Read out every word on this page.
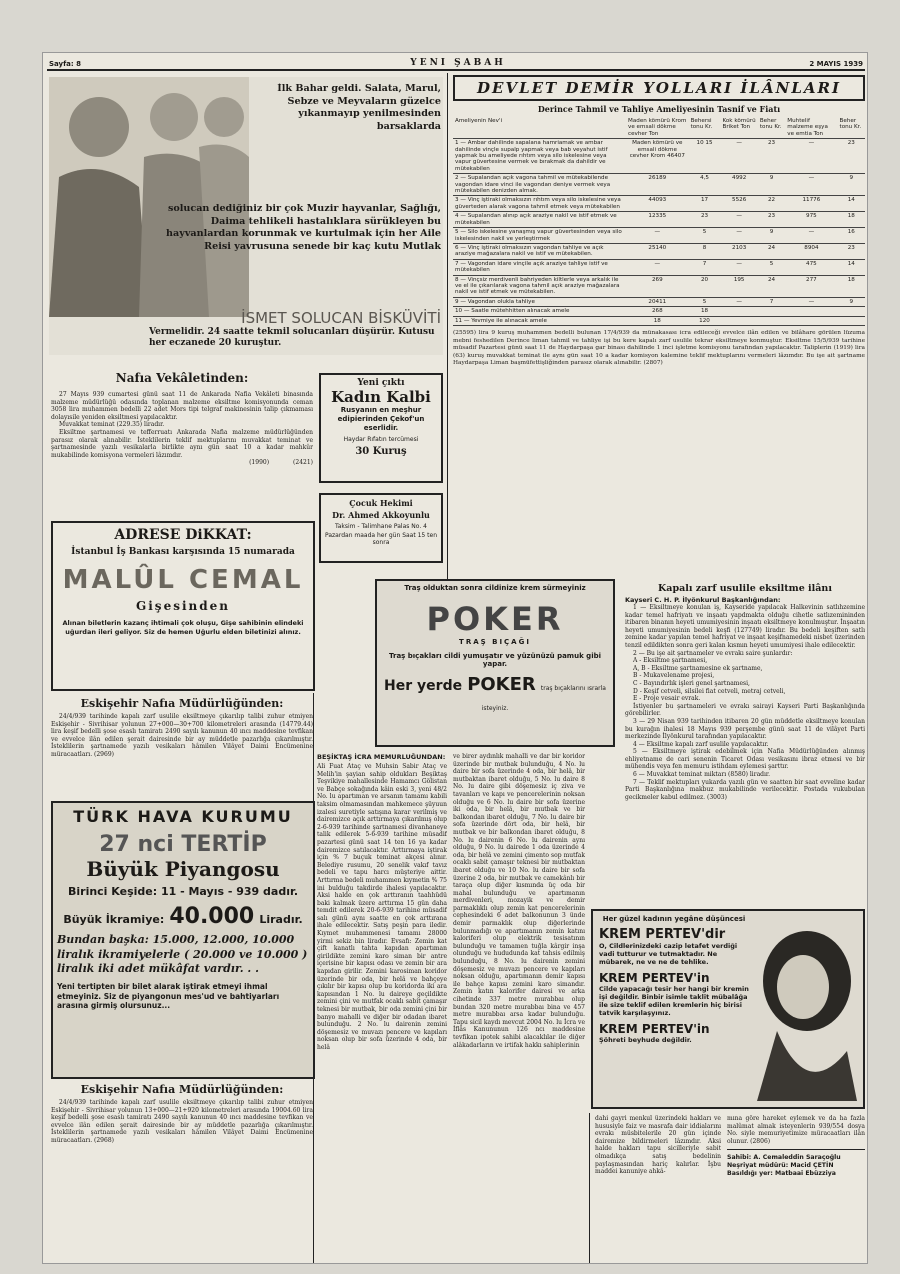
Sayfa: 8	YENİ ŞABAH	2 MAYIS 1939
İlk Bahar geldi. Salata, Marul, Sebze ve Meyvaların güzelce yıkanmayıp yenilmesinden barsaklarda
solucan dediğiniz bir çok Muzir hayvanlar, Sağlığı, Daima tehlikeli hastalıklara sürükleyen bu hayvanlardan korunmak ve kurtulmak için her Aile Reisi yavrusuna senede bir kaç kutu Mutlak
İSMET SOLUCAN BİSKÜVİTİ
Vermelidir. 24 saatte tekmil solucanları düşürür. Kutusu her eczanede 20 kuruştur.
Nafıa Vekâletinden:
27 Mayıs 939 cumartesi günü saat 11 de Ankarada Nafia Vekâleti binasında malzeme müdürlüğü odasında toplanan malzeme eksiltme komisyonunda ceman 3058 lira muhammen bedelli 22 adet Mors tipi telgraf makinesinin talip çıkmaması dolayısile yeniden eksiltmesi yapılacaktır.
Muvakkat teminat (229.35) liradır.
Eksiltme şartnamesi ve tefferruatı Ankarada Nafia malzeme müdürlüğünden parasız olarak alınabilir. İsteklilerin teklif mektuplarını muvakkat teminat ve şartnamesinde yazılı vesikalarla birlikte aynı gün saat 10 a kadar mahkûr mukabilinde komisyona vermeleri lâzımdır.
(1990)	(2421)
Yeni çıktı
Kadın Kalbi
Rusyanın en meşhur edipierinden Çekof'un eserlidir.
Haydar Rıfatın tercümesi
30 Kuruş
Çocuk Hekimi
Dr. Ahmed Akkoyunlu
Taksim - Talimhane Palas No. 4
Pazardan maada her gün Saat 15 ten sonra
ADRESE DiKKAT:
İstanbul İş Bankası karşısında 15 numarada
MALÛL CEMAL
Gişesinden
Alınan biletlerin kazanç ihtimali çok oluşu, Gişe sahibinin elindeki uğurdan ileri geliyor. Siz de hemen Uğurlu elden biletinizi alınız.
Eskişehir Nafıa Müdürlüğünden:
24/4/939 tarihinde kapalı zarf usulile eksiltmeye çıkarılıp talibi zuhur etmiyen Eskişehir - Sivrihisar yolunun 27+000—30+700 kilometreleri arasında (14779.44) lira keşif bedelli şose esaslı tamiratı 2490 sayılı kanunun 40 ıncı maddesine tevfikan ve evvelce ilân edilen şerait dairesinde bir ay müddetle pazarlığa çıkarılmıştır. İsteklilerin şartnamede yazılı vesikaları hâmilen Vilâyet Daimi Encümenine müracaatları. (2969)
TÜRK HAVA KURUMU
27 nci TERTİP
Büyük Piyangosu
Birinci Keşide: 11 - Mayıs - 939 dadır.
Büyük İkramiye: 40.000 Liradır.
Bundan başka: 15.000, 12.000, 10.000
liralık ikramiyelerle ( 20.000 ve 10.000 ) liralık iki adet mükâfat vardır. . .
Yeni tertipten bir bilet alarak iştirak etmeyi ihmal etmeyiniz. Siz de piyangonun mes'ud ve bahtiyarları arasına girmiş olursunuz...
Eskişehir Nafıa Müdürlüğünden:
24/4/939 tarihinde kapalı zarf usulile eksiltmeye çıkarılıp talibi zuhur etmiyen Eskişehir - Sivrihisar yolunun 13+000—21+920 kilometreleri arasında 19004.60 lira keşif bedelli şose esaslı tamiratı 2490 sayılı kanunun 40 ıncı maddesine tevfikan ve evvelce ilân edilen şerait dairesinde bir ay müddetle pazarlığa çıkarılmıştır. İsteklilerin şartnamede yazılı vesikaları hâmilen Vilâyet Daimi Encümenine müracaatları. (2968)
DEVLET DEMİR YOLLARI İLÂNLARI
Derince Tahmil ve Tahliye Ameliyesinin Tasnif ve Fiatı
Ameliyenin Nev'i	Maden kömürü Krom ve emsali dökme cevher Ton	Behersi tonu Kr.	Kok kömürü Briket Ton	Beher tonu Kr.	Muhtelif malzeme eşya ve emtia Ton	Beher tonu Kr.
1 — Ambar dahilinde sapalana hamriamak ve ambar dahilinde vinçle supalp yapmak veya bab veyahut istif yapmak bu ameliyede rıhtım veya silo iskelesine veya vapur güvertesine vermek ve bırakmak da dahildir ve mütekabilen	Maden kömürü ve emsali dökme cevher Krom 46407	10 15	—	23	—	23
2 — Supalandan açık vagona tahmil ve mütekabilende vagondan idare vinci ile vagondan deniye vermek veya mütekabilen denizden almak.	26189	4,5	4992	9	—	9
3 — Vinç iştiraki olmaksızın rıhtım veya silo iskelesine veya güverteden alarak vagona tahmil etmek veya mütekabilen	44093	17	5526	22	11776	14
4 — Supalandan alınıp açık araziye nakil ve istif etmek ve mütekabilen	12335	23	—	23	975	18
5 — Silo iskelesine yanaşmış vapur güvertesinden veya silo iskelesinden nakil ve yerleştirmek	—	5	—	9	—	16
6 — Vinç iştiraki olmaksızın vagondan tahliye ve açık araziye mağazalara nakil ve istif ve mütekabilen.	25140	8	2103	24	8904	23
7 — Vagondan idare vinçile açık araziye tahliye istif ve mütekabilen	—	7	—	5	475	14
8 — Vinçsiz merdivenli bahriyeden kiltlerle veya arkalık ile ve el ile çıkarılarak vagona tahmil açık araziye mağazalara nakil ve istif etmek ve mütekabilen.	269	20	195	24	277	18
9 — Vagondan olukla tahliye	20411	5	—	7	—	9
10 — Saatle mütehhitten alınacak amele	268	18				
11 — Yevmiye ile alınacak amele	18	120				
(25595) lira 9 kuruş muhammen bedelli bulunan 17/4/939 da münakasası icra edileceği evvelce ilân edilen ve bilâhare görülen lüzuma mebni feshedilen Derince liman tahmil ve tahliye işi bu kere kapalı zarf usulile tekrar eksiltmeye konmuştur. Eksiltme 15/5/939 tarihine müsadif Pazartesi günü saat 11 de Haydarpaşa gar binası dahilinde 1 inci işletme komisyonu tarafından yapılacaktır. Taliplerin (1919) lira (63) kuruş muvakkat teminat ile aynı gün saat 10 a kadar komisyon kalemine teklif mektuplarını vermeleri lâzımdır. Bu işe ait şartname Haydarpaşa Liman başmüfettişliğinden parasız olarak alınabilir. (2807)
Traş olduktan sonra cildinize krem sürmeyiniz
POKER
TRAŞ BIÇAĞI
Traş bıçakları cildi yumuşatır ve yüzünüzü pamuk gibi yapar.
Her yerde POKER traş bıçaklarını ısrarla isteyiniz.
BEŞİKTAŞ İCRA MEMURLUĞUNDAN:
Ali Fuat Ataç ve Muhsin Sabir Ataç ve Melih'in şayian sahip oldukları Beşiktaş Teşvikiye mahallesinde Hamamcı Gölistan ve Babçe sokağında kâin eski 3, yeni 48/2 No. lu apartıman ve arsanın tamamı kabili taksim olmamasından mahkemece şüyuun izalesi suretiyle satışına karar verilmiş ve dairemizce açık arttırmaya çıkarılmış olup 2-6-939 tarihinde şartnamesi divanhaneye talik edilerek 5-6-939 tarihine müsadif pazartesi günü saat 14 ten 16 ya kadar dairemizce satılacaktır. Arttırmaya iştirak için % 7 buçuk teminat akçesi alınır. Belediye rusumu, 20 senelik vakıf tavız bedeli ve tapu harcı müşteriye aittir. Arttırma bedeli muhammen kıymetin % 75 ini bulduğu takdirde ihalesi yapılacaktır. Aksi halde en çok arttıranın taahhüdü baki kalmak üzere arttırma 15 gün daha temdit edilerek 20-6-939 tarihine müsadif salı günü aynı saatte en çok arttırana ihale edilecektir. Satış peşin para iledir. Kıymet muhammenesi tamamı 28000 yirmi sekiz bin liradır. Evsafı: Zemin kat çift kanatlı tahta kapıdan apartıman girildikte zemini karo siman bir antre içerisine bir kapısı odası ve zemin bir ara kapıdan girilir. Zemini karosiman koridor üzerinde bir oda, bir helâ ve bahçeye çıkılır bir kapısı olup bu koridorda iki ara kapısından 1 No. lu daireye geçildikte zemini çini ve mutfak ocaklı sabit çamaşır teknesi bir mutbak, bir oda zemini çini bir banyo mahalli ve diğer bir odadan ibaret bulunduğu. 2 No. lu dairenin zemini döşemesiz ve muvazı pencere ve kapıları noksan olup bir sofa üzerinde 4 oda, bir helâ
ve birer aydınlık mahalli ve dar bir koridor üzerinde bir mutbak bulunduğu, 4 No. lu daire bir sofa üzerinde 4 oda, bir helâ, bir mutbaktan ibaret olduğu, 5 No. lu daire 8 No. lu daire gibi döşemesiz iç ziva ve tavanları ve kapı ve pencerelerinin noksan olduğu ve 6 No. lu daire bir sofa üzerine iki oda, bir helâ, bir mutbak ve bir balkondan ibaret olduğu, 7 No. lu daire bir sofa üzerinde dört oda, bir helâ, bir mutbak ve bir balkondan ibaret olduğu, 8 No. lu dairenin 6 No. lu dairenin aynı olduğu, 9 No. lu dairede 1 oda üzerinde 4 oda, bir helâ ve zemini çimento sop mutfak ocaklı sabit çamaşır teknesi bir mutbaktan ibaret olduğu ve 10 No. lu daire bir sofa üzerine 2 oda, bir mutbak ve camekânlı bir taraça olup diğer kısmında üç oda bir mahal bulunduğu ve apartımanın merdivenleri, mozayik ve demir parmaklıklı olup zemin kat pencerelerinin cephesindeki 6 adet balkonunun 3 ünde demir parmaklık olup diğerlerinde bulunmadığı ve apartımanın zemin katını kaloriferi olup elektrik tesisatının bulunduğu ve tamamen tuğla kârgir inşa olunduğu ve hududunda kat tahsis edilmiş bulunduğu, 8 No. lu dairenin zemini döşemesiz ve muvazı pencere ve kapıları noksan olduğu, apartımanın demir kapısı ile bahçe kapısı zemini karo simandır. Zemin katın kalorifer dairesi ve arka cihetinde 337 metre murabbaı olup bundan 320 metre murabbaı bina ve 457 metre murabbaı arsa kadar bulunduğu. Tapu sicil kaydı mevcut 2004 No. lu İcra ve İflâs Kanununun 126 ncı maddesine tevfikan ipotek sahibi alacaklılar ile diğer alâkadarların ve irtifak hakkı sahiplerinin
Kapalı zarf usulile eksiltme ilânı
Kayseri C. H. P. İlyönkurul Başkanlığından:
1 — Eksiltmeye konulan iş, Kayseride yapılacak Halkevinin satlıhzemine kadar temel hafriyatı ve inşaatı yapdmakta olduğu cihetle satlızemininden itibaren binanın heyeti umumiyesinin inşaatı eksiltmeye konulmuştur. İnşaatın heyeti umumiyesinin bedeli keşfi (127749) liradır. Bu bedeli keşiften satlı zemine kadar yapılan temel hafriyat ve inşaat keşifnamedeki nisbet üzerinden tenzil edildikten sonra geri kalan kısmın heyeti umumiyesi ihale edilecektir.
2 — Bu işe ait şartnameler ve evrakı saire şunlardır:
A - Eksiltme şartnamesi,
A, B - Eksiltme şartnamesine ek şartname,
B - Mukavelename projesi,
C - Bayındırlık işleri genel şartnamesi,
D - Keşif cetveli, silsilei fiat cetveli, metraj cetveli,
E - Proje vesair evrak.
İstiyenler bu şartnameleri ve evrakı sairayi Kayseri Parti Başkanlığında görebilirler.
3 — 29 Nisan 939 tarihinden itibaren 20 gün müddetle eksiltmeye konulan bu kurağın ihalesi 18 Mayıs 939 perşembe günü saat 11 de vilâyet Parti merkezinde İlyönkurul tarafından yapılacaktır.
4 — Eksiltme kapalı zarf usulile yapılacaktır.
5 — Eksiltmeye iştirak edebilmek için Nafia Müdürlüğünden alınmış ehliyetname de cari senenin Ticaret Odası vesikasını ibraz etmesi ve bir mühendis veya fen memuru istihdam eylemesi şarttır.
6 — Muvakkat teminat miktarı (8580) liradır.
7 — Teklif mektupları yukarda yazılı gün ve saatten bir saat evveline kadar Parti Başkanlığına makbuz mukabilinde verilecektir. Postada vukubulan gecikmeler kabul edilmez. (3003)
Her güzel kadının yegâne düşüncesi
KREM PERTEV'dir
O, Cildlerinizdeki cazip letafet verdiği vadi tutturur ve tutmaktadır. Ne mübarek, ne ve ne de tehlike.
KREM PERTEV'in
Cilde yapacağı tesir her hangi bir kremin işi değildir. Binbir isimle taklit mübalâğa ile size teklif edilen kremlerin hiç birisi tatvik karşılaşyınız.
KREM PERTEV'in
Şöhreti beyhude değildir.
dahi gayri menkul üzerindeki hakları ve hususiyle faiz ve masrafa dair iddialarını evrakı müsbitelerile 20 gün içinde dairemize bildirmeleri lâzımdır. Aksi halde hakları tapu sicilleriyle sabit olmadıkça satış bedelinin paylaşmasından hariç kalırlar. İşbu maddei kanuniye ahkâ-
mına göre hareket eylemek ve da ha fazla malûmat almak isteyenlerin 939/554 dosya No. siyle memuriyetimize müracaatları ilân olunur. (2806)
Sahibi: A. Cemaleddin Saraçoğlu
Neşriyat müdürü: Macid ÇETİN
Basıldığı yer: Matbaai Ebüzziya
